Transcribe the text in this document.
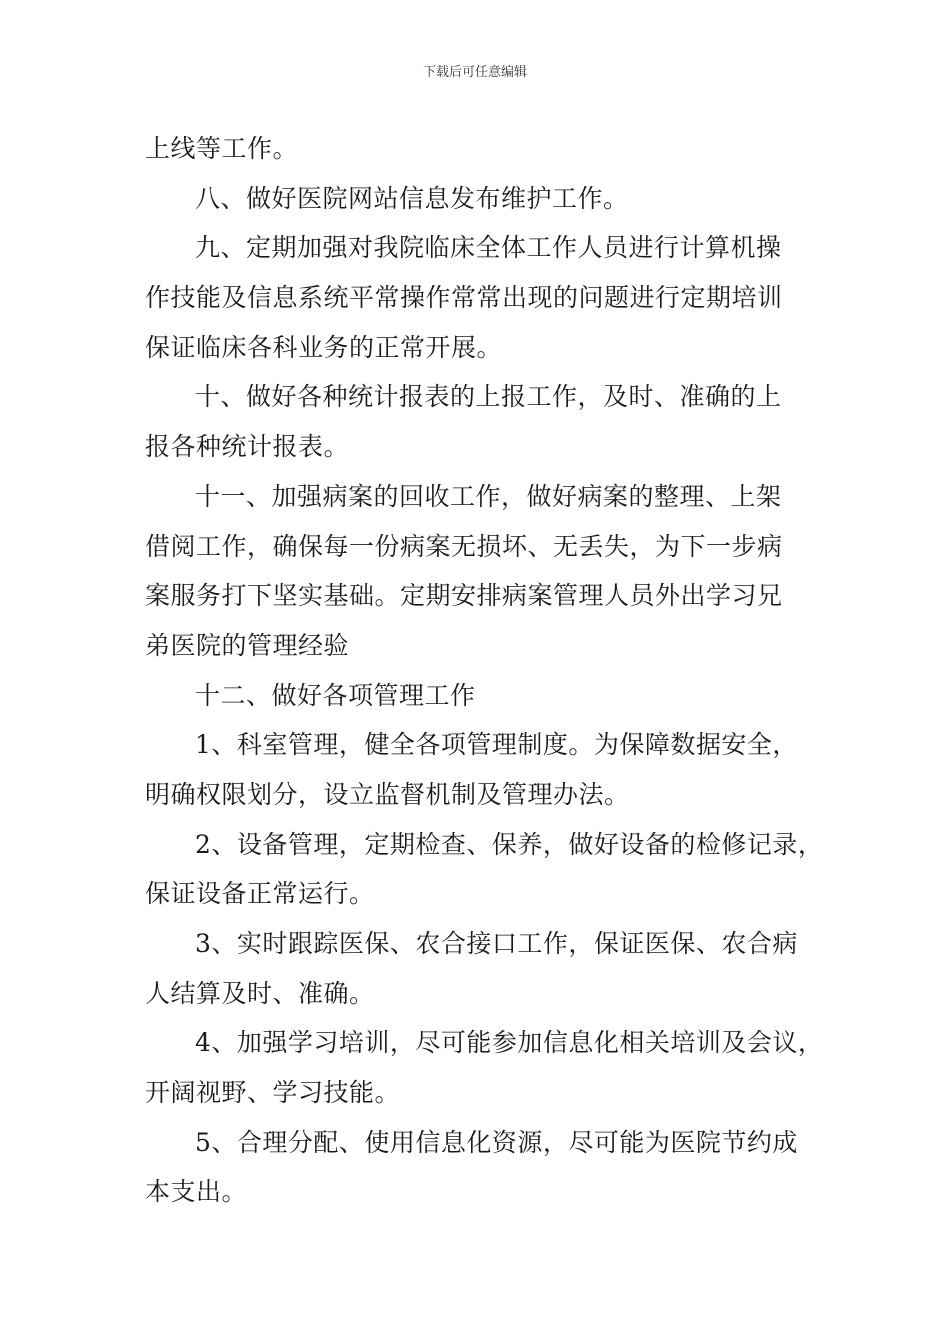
下载后可任意编辑
上线等工作。
八、做好医院网站信息发布维护工作。
九、定期加强对我院临床全体工作人员进行计算机操
作技能及信息系统平常操作常常出现的问题进行定期培训
保证临床各科业务的正常开展。
十、做好各种统计报表的上报工作，及时、准确的上
报各种统计报表。
十一、加强病案的回收工作，做好病案的整理、上架
借阅工作，确保每一份病案无损坏、无丢失，为下一步病
案服务打下坚实基础。定期安排病案管理人员外出学习兄
弟医院的管理经验
十二、做好各项管理工作
1、科室管理，健全各项管理制度。为保障数据安全，
明确权限划分，设立监督机制及管理办法。
2、设备管理，定期检查、保养，做好设备的检修记录，
保证设备正常运行。
3、实时跟踪医保、农合接口工作，保证医保、农合病
人结算及时、准确。
4、加强学习培训，尽可能参加信息化相关培训及会议，
开阔视野、学习技能。
5、合理分配、使用信息化资源，尽可能为医院节约成
本支出。
